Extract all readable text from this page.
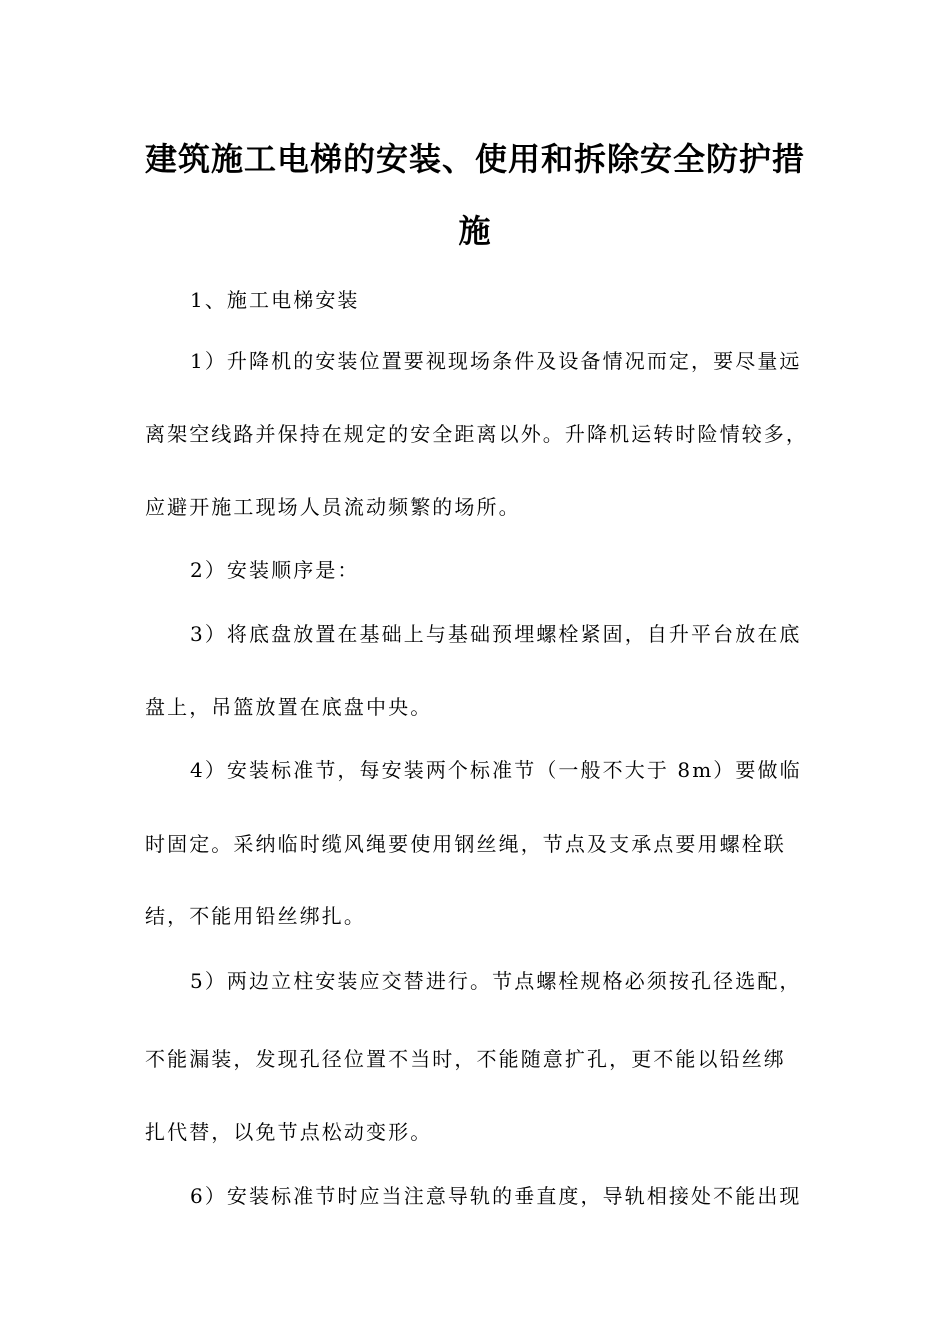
建筑施工电梯的安装、使用和拆除安全防护措
施
1、施工电梯安装
1）升降机的安装位置要视现场条件及设备情况而定，要尽量远
离架空线路并保持在规定的安全距离以外。升降机运转时险情较多，
应避开施工现场人员流动频繁的场所。
2）安装顺序是：
3）将底盘放置在基础上与基础预埋螺栓紧固，自升平台放在底
盘上，吊篮放置在底盘中央。
4）安装标准节，每安装两个标准节（一般不大于 8m）要做临
时固定。采纳临时缆风绳要使用钢丝绳，节点及支承点要用螺栓联
结，不能用铅丝绑扎。
5）两边立柱安装应交替进行。节点螺栓规格必须按孔径选配，
不能漏装，发现孔径位置不当时，不能随意扩孔，更不能以铅丝绑
扎代替，以免节点松动变形。
6）安装标准节时应当注意导轨的垂直度，导轨相接处不能出现
